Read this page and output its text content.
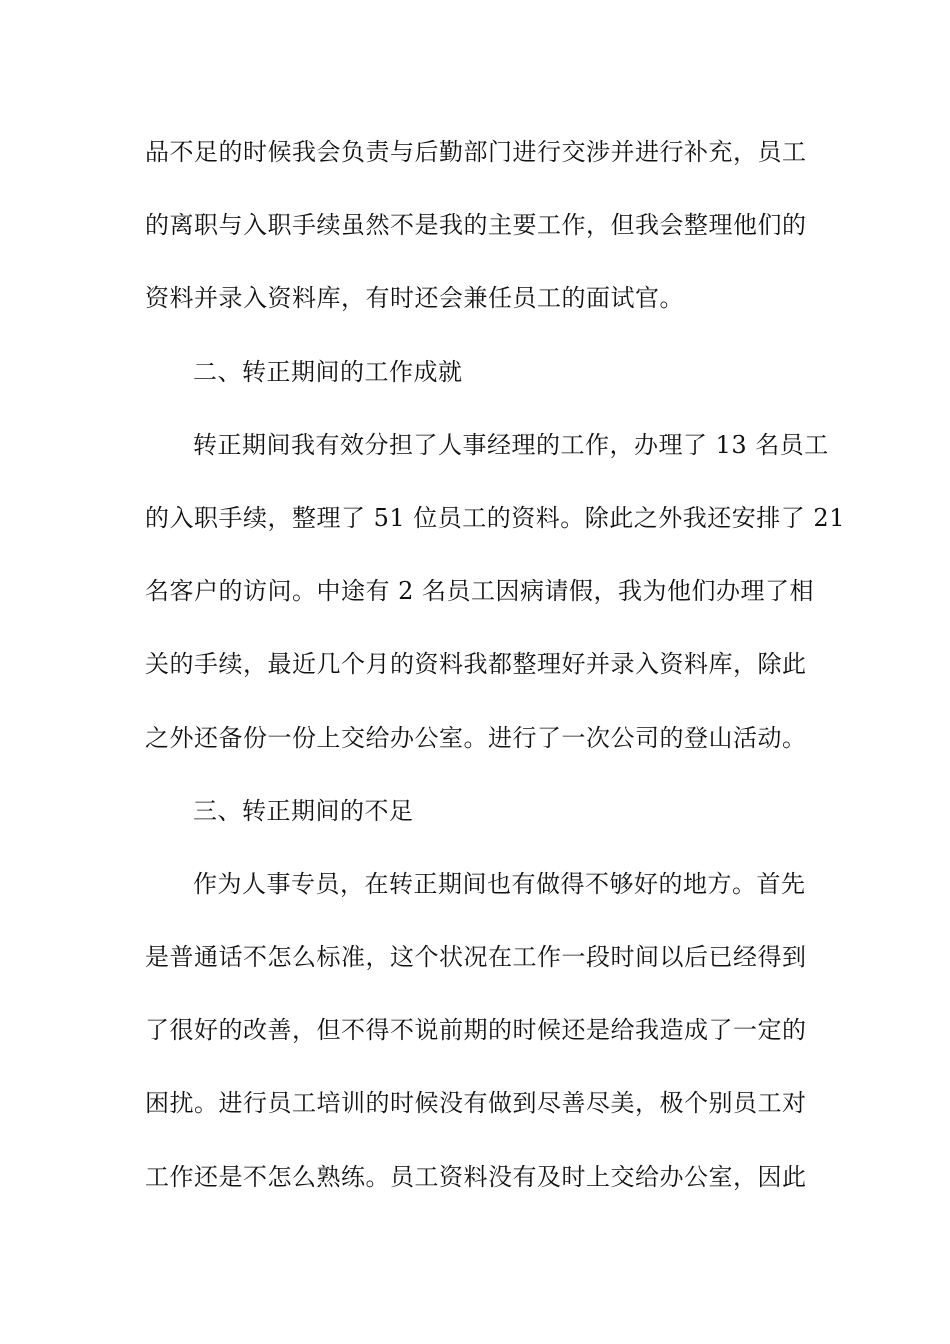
品不足的时候我会负责与后勤部门进行交涉并进行补充，员工
的离职与入职手续虽然不是我的主要工作，但我会整理他们的
资料并录入资料库，有时还会兼任员工的面试官。
二、转正期间的工作成就
转正期间我有效分担了人事经理的工作，办理了 13 名员工
的入职手续，整理了 51 位员工的资料。除此之外我还安排了 21
名客户的访问。中途有 2 名员工因病请假，我为他们办理了相
关的手续，最近几个月的资料我都整理好并录入资料库，除此
之外还备份一份上交给办公室。进行了一次公司的登山活动。
三、转正期间的不足
作为人事专员，在转正期间也有做得不够好的地方。首先
是普通话不怎么标准，这个状况在工作一段时间以后已经得到
了很好的改善，但不得不说前期的时候还是给我造成了一定的
困扰。进行员工培训的时候没有做到尽善尽美，极个别员工对
工作还是不怎么熟练。员工资料没有及时上交给办公室，因此
